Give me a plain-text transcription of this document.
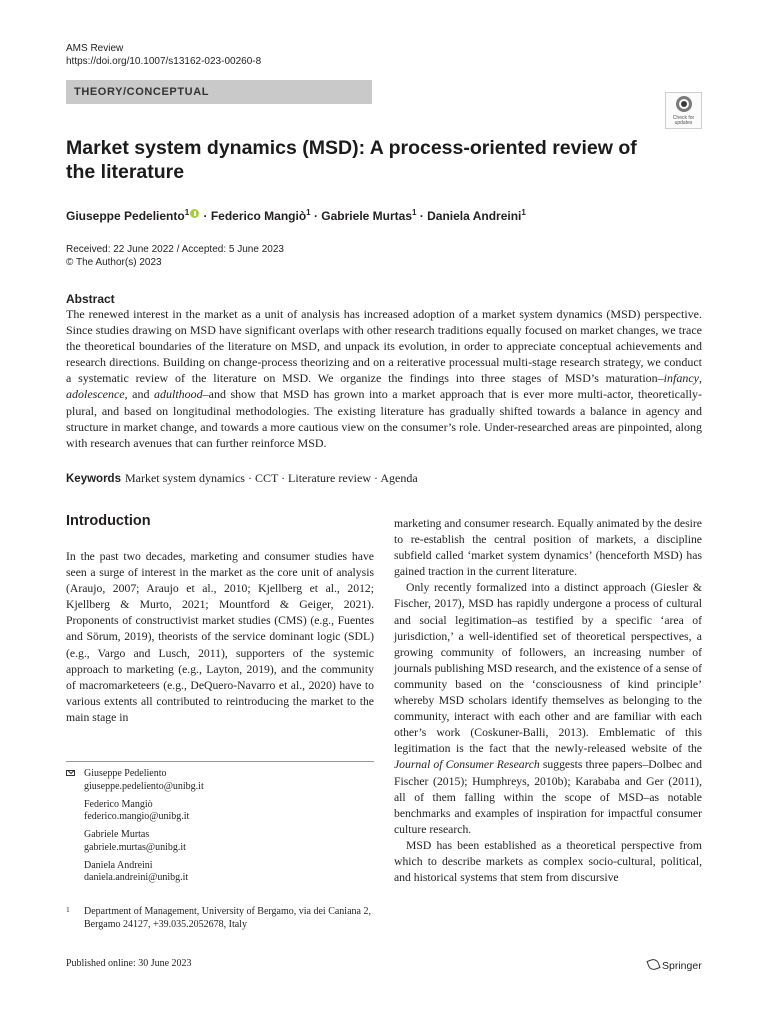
AMS Review
https://doi.org/10.1007/s13162-023-00260-8
THEORY/CONCEPTUAL
Check for
updates
Market system dynamics (MSD): A process-oriented review of the literature
Giuseppe Pedeliento$^1$ · Federico Mangiò$^1$ · Gabriele Murtas$^1$ · Daniela Andreini$^1$
Received: 22 June 2022 / Accepted: 5 June 2023
© The Author(s) 2023
Abstract
The renewed interest in the market as a unit of analysis has increased adoption of a market system dynamics (MSD) perspective. Since studies drawing on MSD have significant overlaps with other research traditions equally focused on market changes, we trace the theoretical boundaries of the literature on MSD, and unpack its evolution, in order to appreciate conceptual achievements and research directions. Building on change-process theorizing and on a reiterative processual multi-stage research strategy, we conduct a systematic review of the literature on MSD. We organize the findings into three stages of MSD’s maturation–infancy, adolescence, and adulthood–and show that MSD has grown into a market approach that is ever more multi-actor, theoretically-plural, and based on longitudinal methodologies. The existing literature has gradually shifted towards a balance in agency and structure in market change, and towards a more cautious view on the consumer’s role. Under-researched areas are pinpointed, along with research avenues that can further reinforce MSD.
Keywords Market system dynamics · CCT · Literature review · Agenda
Introduction

In the past two decades, marketing and consumer studies have seen a surge of interest in the market as the core unit of analysis (Araujo, 2007; Araujo et al., 2010; Kjellberg et al., 2012; Kjellberg & Murto, 2021; Mountford & Geiger, 2021). Proponents of constructivist market studies (CMS) (e.g., Fuentes and Sörum, 2019), theorists of the service dominant logic (SDL) (e.g., Vargo and Lusch, 2011), supporters of the systemic approach to marketing (e.g., Layton, 2019), and the community of macromarketeers (e.g., DeQuero-Navarro et al., 2020) have to various extents all contributed to reintroducing the market to the main stage in

marketing and consumer research. Equally animated by the desire to re-establish the central position of markets, a discipline subfield called ‘market system dynamics’ (henceforth MSD) has gained traction in the current literature.

Only recently formalized into a distinct approach (Giesler & Fischer, 2017), MSD has rapidly undergone a process of cultural and social legitimation–as testified by a specific ‘area of jurisdiction,’ a well-identified set of theoretical perspectives, a growing community of followers, an increasing number of journals publishing MSD research, and the existence of a sense of community based on the ‘consciousness of kind principle’ whereby MSD scholars identify themselves as belonging to the community, interact with each other and are familiar with each other’s work (Coskuner-Balli, 2013). Emblematic of this legitimation is the fact that the newly-released website of the Journal of Consumer Research suggests three papers–Dolbec and Fischer (2015); Humphreys, 2010b); Karababa and Ger (2011), all of them falling within the scope of MSD–as notable benchmarks and examples of inspiration for impactful consumer culture research.

MSD has been established as a theoretical perspective from which to describe markets as complex socio-cultural, political, and historical systems that stem from discursive

Giuseppe Pedeliento
giuseppe.pedeliento@unibg.it
Federico Mangiò
federico.mangio@unibg.it
Gabriele Murtas
gabriele.murtas@unibg.it
Daniela Andreini
daniela.andreini@unibg.it
1	Department of Management, University of Bergamo, via dei Caniana 2, Bergamo 24127, +39.035.2052678, Italy
Published online: 30 June 2023	Springer
